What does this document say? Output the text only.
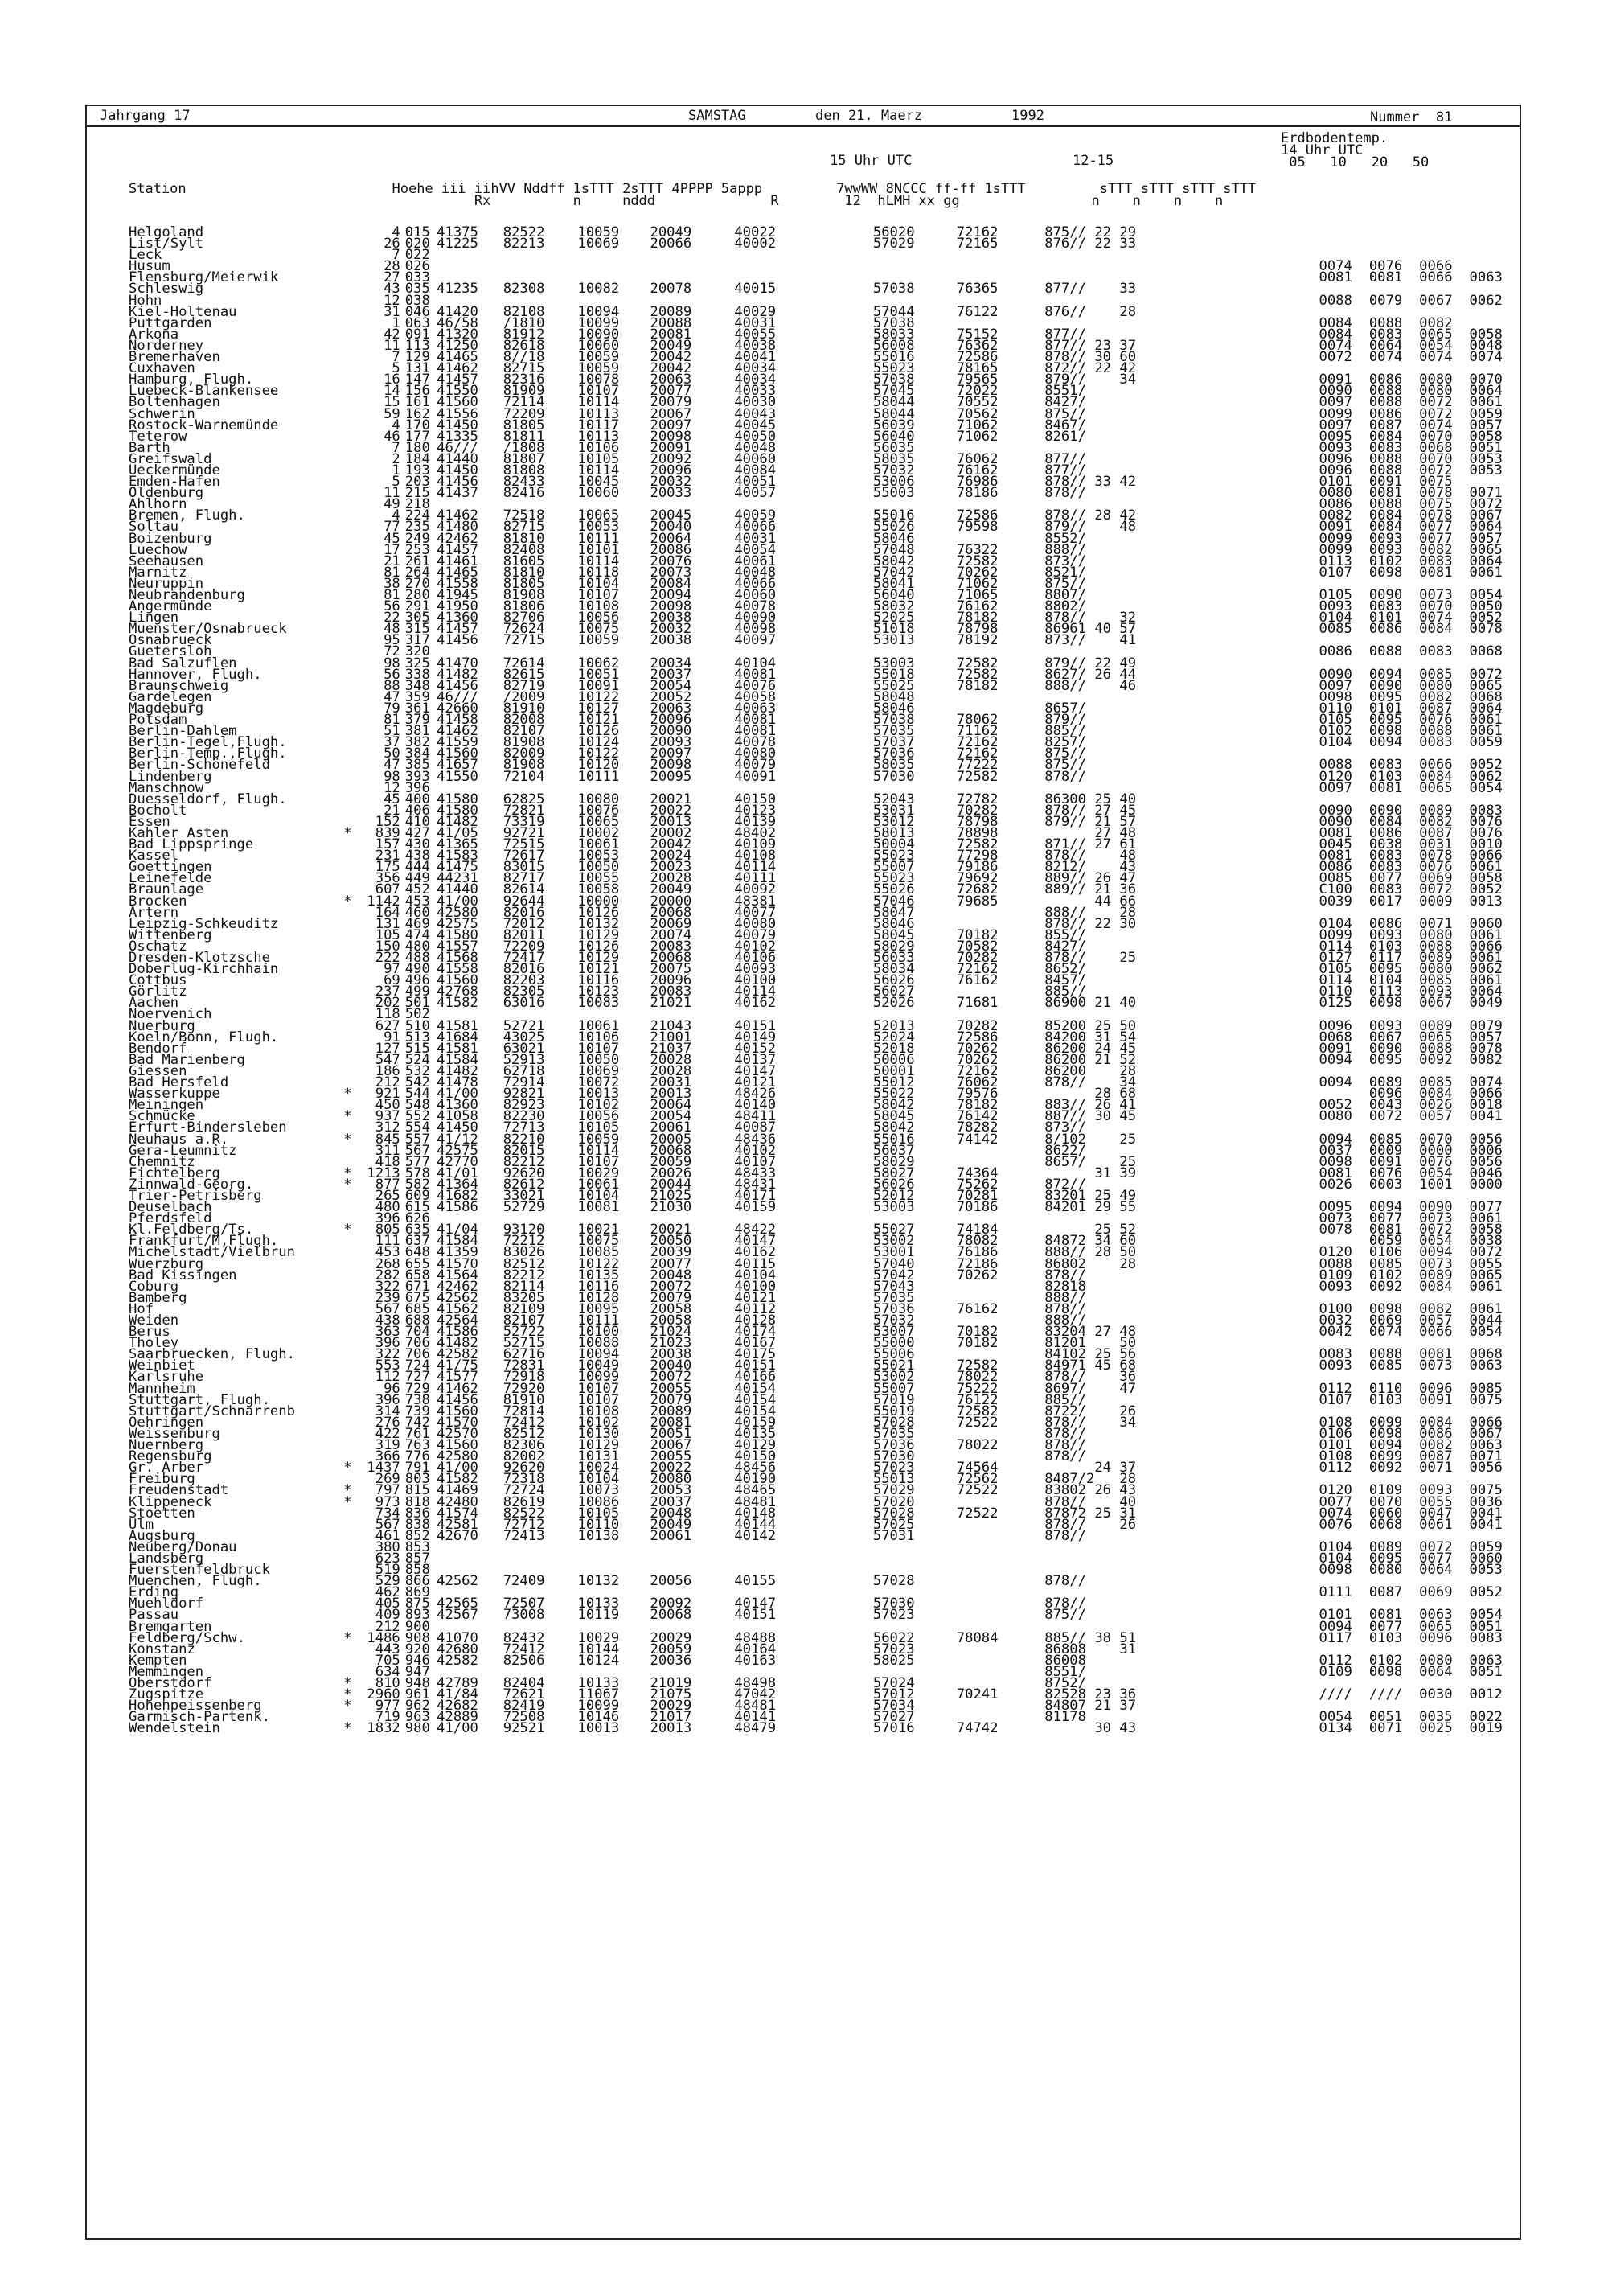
Jahrgang 17	SAMSTAG	den 21. Maerz	1992	Nummer  81
Erdbodentemp.
14 Uhr UTC
15 Uhr UTC	12-15	05   10   20   50
Station                         Hoehe iii iihVV Nddff 1sTTT 2sTTT 4PPPP 5appp         7wwWW 8NCCC ff-ff 1sTTT         sTTT sTTT sTTT sTTT
Rx          n     nddd              R        12  hLMH xx gg                n    n    n    n
Helgoland		4	015	41375	82522	10059	20049	40022	56020	72162	875//	22 29					
List/Sylt		26	020	41225	82213	10069	20066	40002	57029	72165	876//	22 33					
Leck		7	022														
Husum		28	026											0074	0076	0066	
Flensburg/Meierwik		27	033											0081	0081	0066	0063
Schleswig		43	035	41235	82308	10082	20078	40015	57038	76365	877//	33					
Hohn		12	038											0088	0079	0067	0062
Kiel-Holtenau		31	046	41420	82108	10094	20089	40029	57044	76122	876//	28					
Puttgarden		1	063	46/58	/1810	10099	20088	40031	57038					0084	0088	0082	
Arkona		42	091	41320	81912	10090	20081	40055	58033	75152	877//			0084	0083	0065	0058
Norderney		11	113	41250	82618	10060	20049	40038	56008	76362	877//	23 37		0074	0064	0054	0048
Bremerhaven		7	129	41465	8//18	10059	20042	40041	55016	72586	878//	30 60		0072	0074	0074	0074
Cuxhaven		5	131	41462	82715	10059	20042	40034	55023	78165	872//	22 42					
Hamburg, Flugh.		16	147	41457	82316	10078	20063	40034	57038	79565	879//	34		0091	0086	0080	0070
Luebeck-Blankensee		14	156	41550	81909	10107	20077	40033	57045	72022	8551/			0090	0088	0080	0064
Boltenhagen		15	161	41560	72114	10114	20079	40030	58044	70552	8427/			0097	0088	0072	0061
Schwerin		59	162	41556	72209	10113	20067	40043	58044	70562	875//			0099	0086	0072	0059
Rostock-Warnemünde		4	170	41450	81805	10117	20097	40045	56039	71062	8467/			0097	0087	0074	0057
Teterow		46	177	41335	81811	10113	20098	40050	56040	71062	8261/			0095	0084	0070	0058
Barth		7	180	46///	/1808	10106	20091	40048	56035					0093	0083	0068	0051
Greifswald		2	184	41440	81807	10105	20092	40060	58035	76062	877//			0096	0088	0070	0053
Ueckermünde		1	193	41450	81808	10114	20096	40084	57032	76162	877//			0096	0088	0072	0053
Emden-Hafen		5	203	41456	82433	10045	20032	40051	53006	76986	878//	33 42		0101	0091	0075	
Oldenburg		11	215	41437	82416	10060	20033	40057	55003	78186	878//			0080	0081	0078	0071
Ahlhorn		49	218											0086	0088	0075	0072
Bremen, Flugh.		4	224	41462	72518	10065	20045	40059	55016	72586	878//	28 42		0082	0084	0078	0067
Soltau		77	235	41480	82715	10053	20040	40066	55026	79598	879//	48		0091	0084	0077	0064
Boizenburg		45	249	42462	81810	10111	20064	40031	58046		8552/			0099	0093	0077	0057
Luechow		17	253	41457	82408	10101	20086	40054	57048	76322	888//			0099	0093	0082	0065
Seehausen		21	261	41461	81605	10114	20076	40061	58042	72582	873//			0113	0102	0083	0064
Marnitz		81	264	41465	81810	10118	20073	40048	57042	70262	8521/			0107	0098	0081	0061
Neuruppin		38	270	41558	81805	10104	20084	40066	58041	71062	875//						
Neubrandenburg		81	280	41945	81908	10107	20094	40060	56040	71065	8807/			0105	0090	0073	0054
Angermünde		56	291	41950	81806	10108	20098	40078	58032	76162	8802/			0093	0083	0070	0050
Lingen		22	305	41360	82706	10056	20038	40090	52025	78182	878//	32		0104	0101	0074	0052
Muenster/Osnabrueck		48	315	41457	72624	10075	20032	40098	51018	78798	86961	40 57		0085	0086	0084	0078
Osnabrueck		95	317	41456	72715	10059	20038	40097	53013	78192	873//	41					
Guetersloh		72	320											0086	0088	0083	0068
Bad Salzuflen		98	325	41470	72614	10062	20034	40104	53003	72582	879//	22 49					
Hannover, Flugh.		56	338	41482	82615	10051	20037	40081	55018	72582	8627/	26 44		0090	0094	0085	0072
Braunschweig		88	348	41456	82719	10091	20054	40076	55025	78182	888//	46		0097	0090	0080	0065
Gardelegen		47	359	46///	/2009	10122	20052	40058	58048					0098	0095	0082	0068
Magdeburg		79	361	42660	81910	10127	20063	40063	58046		8657/			0110	0101	0087	0064
Potsdam		81	379	41458	82008	10121	20096	40081	57038	78062	879//			0105	0095	0076	0061
Berlin-Dahlem		51	381	41462	82107	10126	20090	40081	57035	71162	885//			0102	0098	0088	0061
Berlin-Tegel,Flugh.		37	382	41559	81908	10124	20093	40078	57037	72162	8257/			0104	0094	0083	0059
Berlin-Temp.,Flugh.		50	384	41560	82009	10122	20097	40080	57036	72162	875//						
Berlin-Schönefeld		47	385	41657	81908	10120	20098	40079	58035	77222	875//			0088	0083	0066	0052
Lindenberg		98	393	41550	72104	10111	20095	40091	57030	72582	878//			0120	0103	0084	0062
Manschnow		12	396											0097	0081	0065	0054
Duesseldorf, Flugh.		45	400	41580	62825	10080	20021	40150	52043	72782	86300	25 40					
Bocholt		21	406	41580	72821	10076	20022	40123	53031	70282	878//	27 45		0090	0090	0089	0083
Essen		152	410	41482	73319	10065	20013	40139	53012	78798	879//	21 57		0090	0084	0082	0076
Kahler Asten	*	839	427	41/05	92721	10002	20002	48402	58013	78898		27 48		0081	0086	0087	0076
Bad Lippspringe		157	430	41365	72515	10061	20042	40109	50004	72582	871//	27 61		0045	0038	0031	0010
Kassel		231	438	41583	72617	10053	20024	40108	55023	77298	878//	48		0081	0083	0078	0066
Goettingen		175	444	41475	83015	10050	20023	40114	55007	79186	8212/	43		0086	0083	0076	0061
Leinefelde		356	449	44231	82717	10055	20028	40111	55023	79692	889//	26 47		0085	0077	0069	0058
Braunlage		607	452	41440	82614	10058	20049	40092	55026	72682	889//	21 36		C100	0083	0072	0052
Brocken	*	1142	453	41/00	92644	10000	20000	48381	57046	79685		44 66		0039	0017	0009	0013
Artern		164	460	42580	82016	10126	20068	40077	58047		888//	28					
Leipzig-Schkeuditz		131	469	42575	72012	10132	20069	40080	58046		878//	22 30		0104	0086	0071	0060
Wittenberg		105	474	41580	82011	10129	20074	40079	58045	70182	855//			0099	0093	0080	0061
Oschatz		150	480	41557	72209	10126	20083	40102	58029	70582	8427/			0114	0103	0088	0066
Dresden-Klotzsche		222	488	41568	72417	10129	20068	40106	56033	70282	878//	25		0127	0117	0089	0061
Doberlug-Kirchhain		97	490	41558	82016	10121	20075	40093	58034	72162	8652/			0105	0095	0080	0062
Cottbus		69	496	41560	82203	10116	20096	40100	56026	76162	8457/			0114	0104	0085	0061
Görlitz		237	499	42768	82305	10123	20083	40114	56027		885//			0110	0113	0093	0064
Aachen		202	501	41582	63016	10083	21021	40162	52026	71681	86900	21 40		0125	0098	0067	0049
Noervenich		118	502														
Nuerburg		627	510	41581	52721	10061	21043	40151	52013	70282	85200	25 50		0096	0093	0089	0079
Koeln/Bonn, Flugh.		91	513	41684	43025	10106	21001	40149	52024	72586	84200	31 54		0068	0067	0065	0057
Bendorf		127	515	41581	63021	10107	21037	40152	52018	70262	86200	24 45		0091	0090	0088	0078
Bad Marienberg		547	524	41584	52913	10050	20028	40137	50006	70262	86200	21 52		0094	0095	0092	0082
Giessen		186	532	41482	62718	10069	20028	40147	50001	72162	86200	28					
Bad Hersfeld		212	542	41478	72914	10072	20031	40121	55012	76062	878//	34		0094	0089	0085	0074
Wasserkuppe	*	921	544	41/00	92821	10013	20013	48426	55022	79576		28 68			0096	0084	0066
Meiningen		450	548	41360	82923	10102	20064	40140	58042	78182	883//	26 41		0052	0043	0026	0018
Schmücke	*	937	552	41058	82230	10056	20054	48411	58045	76142	887//	30 45		0080	0072	0057	0041
Erfurt-Bindersleben		312	554	41450	72713	10105	20061	40087	58042	78282	873//						
Neuhaus a.R.	*	845	557	41/12	82210	10059	20005	48436	55016	74142	8/102	25		0094	0085	0070	0056
Gera-Leumnitz		311	567	42575	82015	10114	20068	40102	56037		8622/			0037	0009	0000	0006
Chemnitz		418	577	42770	82212	10107	20059	40107	58029		8657/	25		0098	0091	0076	0056
Fichtelberg	*	1213	578	41/01	92620	10029	20026	48433	58027	74364		31 39		0081	0076	0054	0046
Zinnwald-Georg.	*	877	582	41364	82612	10061	20044	48431	56026	75262	872//			0026	0003	1001	0000
Trier-Petrisberg		265	609	41682	33021	10104	21025	40171	52012	70281	83201	25 49					
Deuselbach		480	615	41586	52729	10081	21030	40159	53003	70186	84201	29 55		0095	0094	0090	0077
Pferdsfeld		396	626											0073	0077	0073	0061
Kl.Feldberg/Ts.	*	805	635	41/04	93120	10021	20021	48422	55027	74184		25 52		0078	0081	0072	0058
Frankfurt/M,Flugh.		111	637	41584	72212	10075	20050	40147	53002	78082	84872	34 60			0059	0054	0038
Michelstadt/Vielbrun		453	648	41359	83026	10085	20039	40162	53001	76186	888//	28 50		0120	0106	0094	0072
Wuerzburg		268	655	41570	82512	10122	20077	40115	57040	72186	86802	28		0088	0085	0073	0055
Bad Kissingen		282	658	41564	82212	10135	20048	40104	57042	70262	878//			0109	0102	0089	0065
Coburg		322	671	42462	82114	10116	20072	40100	57043		82818			0093	0092	0084	0061
Bamberg		239	675	42562	83205	10128	20079	40121	57035		888//						
Hof		567	685	41562	82109	10095	20058	40112	57036	76162	878//			0100	0098	0082	0061
Weiden		438	688	42564	82107	10111	20058	40128	57032		888//			0032	0069	0057	0044
Berus		363	704	41586	52722	10100	21024	40174	53007	70182	83204	27 48		0042	0074	0066	0054
Tholey		396	706	41482	52715	10088	21023	40167	55000	70182	81201	50					
Saarbruecken, Flugh.		322	706	42582	62716	10094	20038	40175	55006		84102	25 56		0083	0088	0081	0068
Weinbiet		553	724	41/75	72831	10049	20040	40151	55021	72582	84971	45 68		0093	0085	0073	0063
Karlsruhe		112	727	41577	72918	10099	20072	40166	53002	78022	878//	36					
Mannheim		96	729	41462	72920	10107	20055	40154	55007	75222	8697/	47		0112	0110	0096	0085
Stuttgart, Flugh.		396	738	41456	81910	10107	20079	40154	57019	76122	885//			0107	0103	0091	0075
Stuttgart/Schnarrenb		314	739	41560	72814	10108	20089	40154	55019	72582	8722/	26					
Oehringen		276	742	41570	72412	10102	20081	40159	57028	72522	878//	34		0108	0099	0084	0066
Weissenburg		422	761	42570	82512	10130	20051	40135	57035		878//			0106	0098	0086	0067
Nuernberg		319	763	41560	82306	10129	20067	40129	57036	78022	878//			0101	0094	0082	0063
Regensburg		366	776	42580	82002	10131	20055	40150	57030		878//			0108	0099	0087	0071
Gr. Arber	*	1437	791	41/00	92620	10024	20022	48456	57023	74564		24 37		0112	0092	0071	0056
Freiburg		269	803	41582	72318	10104	20080	40190	55013	72562	8487/2	28					
Freudenstadt	*	797	815	41469	72724	10073	20053	48465	57029	72522	83802	26 43		0120	0109	0093	0075
Klippeneck	*	973	818	42480	82619	10086	20037	48481	57020		878//	40		0077	0070	0055	0036
Stoetten		734	836	41574	82522	10105	20048	40148	57028	72522	87872	25 31		0074	0060	0047	0041
Ulm		567	838	42581	72712	10110	20049	40144	57025		878//	26		0076	0068	0061	0041
Augsburg		461	852	42670	72413	10138	20061	40142	57031		878//						
Neuberg/Donau		380	853											0104	0089	0072	0059
Landsberg		623	857											0104	0095	0077	0060
Fuerstenfeldbruck		519	858											0098	0080	0064	0053
Muenchen, Flugh.		529	866	42562	72409	10132	20056	40155	57028		878//						
Erding		462	869											0111	0087	0069	0052
Muehldorf		405	875	42565	72507	10133	20092	40147	57030		878//						
Passau		409	893	42567	73008	10119	20068	40151	57023		875//			0101	0081	0063	0054
Bremgarten		212	900											0094	0077	0065	0051
Feldberg/Schw.	*	1486	908	41070	82432	10029	20029	48488	56022	78084	885//	38 51		0117	0103	0096	0083
Konstanz		443	920	42680	72412	10144	20059	40164	57023		86808	31					
Kempten		705	946	42582	82506	10124	20036	40163	58025		86008			0112	0102	0080	0063
Memmingen		634	947								8551/			0109	0098	0064	0051
Oberstdorf	*	810	948	42789	82404	10133	21019	48498	57024		8752/						
Zugspitze	*	2960	961	41/84	72621	11067	21075	47042	57012	70241	82528	23 36		////	////	0030	0012
Hohenpeissenberg	*	977	962	42682	82419	10099	20029	48481	57034		84807	21 37					
Garmisch-Partenk.		719	963	42889	72508	10146	21017	40141	57027		81178			0054	0051	0035	0022
Wendelstein	*	1832	980	41/00	92521	10013	20013	48479	57016	74742		30 43		0134	0071	0025	0019
